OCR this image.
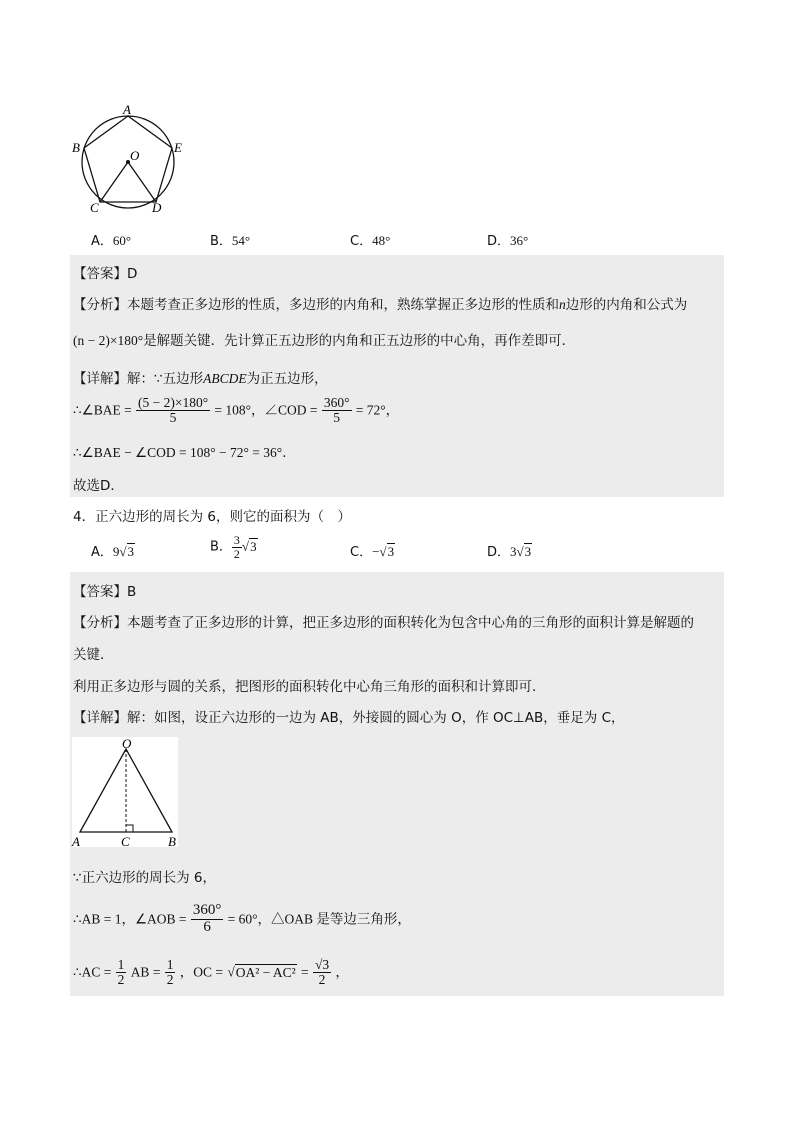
A
B	E
O
C	D
A．60°	B．54°	C．48°	D．36°
【答案】D
【分析】本题考查正多边形的性质，多边形的内角和，熟练掌握正多边形的性质和n边形的内角和公式为
(n − 2)×180°是解题关键．先计算正五边形的内角和正五边形的中心角，再作差即可．
【详解】解：∵五边形ABCDE为正五边形，
∴∠BAE = $\frac{(5 - 2)\times 180^\circ}{5} = 108^\circ$，∠COD = $\frac{360^\circ}{5} = 72^\circ$，
∴∠BAE − ∠COD = 108° − 72° = 36°．
故选D．
4．正六边形的周长为 6，则它的面积为（　）
A．9√3	B． $\frac{3}{2} √3$	C．−√3	D．3√3
【答案】B
【分析】本题考查了正多边形的计算，把正多边形的面积转化为包含中心角的三角形的面积计算是解题的
关键．
利用正多边形与圆的关系，把图形的面积转化中心角三角形的面积和计算即可．
【详解】解：如图，设正六边形的一边为 AB，外接圆的圆心为 O，作 OC⊥AB，垂足为 C，
O
A	C	B
∵正六边形的周长为 6，
∴AB = 1，∠AOB = $\frac{360^\circ}{6} = 60^\circ$，△OAB 是等边三角形，
∴AC = $\frac{1}{2}$ AB = $\frac{1}{2}$ ，OC = $√OA^2 - AC^2 = \frac{√3}{2}$ ，
